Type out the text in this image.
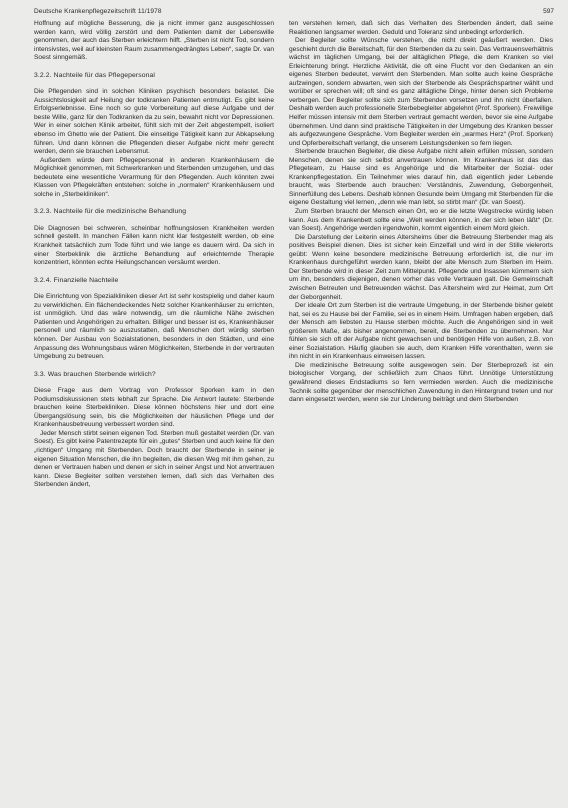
Deutsche Krankenpflegezeitschrift 11/1978	597

Hoffnung auf mögliche Besserung, die ja nicht immer ganz ausgeschlossen werden kann, wird völlig zerstört und dem Patienten damit der Lebenswille genommen, der auch das Sterben erleichtern hilft. „Sterben ist nicht Tod, sondern intensivstes, weil auf kleinsten Raum zusammengedrängtes Leben“, sagte Dr. van Soest sinngemäß.

3.2.2. Nachteile für das Pflegepersonal

Die Pflegenden sind in solchen Kliniken psychisch besonders belastet. Die Aussichtslosigkeit auf Heilung der todkranken Patienten entmutigt. Es gibt keine Erfolgserlebnisse. Eine noch so gute Vorbereitung auf diese Aufgabe und der beste Wille, ganz für den Todkranken da zu sein, bewahrt nicht vor Depressionen. Wer in einer solchen Klinik arbeitet, fühlt sich mit der Zeit abgestempelt, isoliert ebenso im Ghetto wie der Patient. Die einseitige Tätigkeit kann zur Abkapselung führen. Und dann können die Pflegenden dieser Aufgabe nicht mehr gerecht werden, denn sie brauchen Lebensmut.

Außerdem würde dem Pflegepersonal in anderen Krankenhäusern die Möglichkeit genommen, mit Schwerkranken und Sterbenden umzugehen, und das bedeutete eine wesentliche Verarmung für den Pflegenden. Auch könnten zwei Klassen von Pflegekräften entstehen: solche in „normalen“ Krankenhäusern und solche in „Sterbekliniken“.

3.2.3. Nachteile für die medizinische Behandlung

Die Diagnosen bei schweren, scheinbar hoffnungslosen Krankheiten werden schnell gestellt. In manchen Fällen kann nicht klar festgestellt werden, ob eine Krankheit tatsächlich zum Tode führt und wie lange es dauern wird. Da sich in einer Sterbeklinik die ärztliche Behandlung auf erleichternde Therapie konzentriert, könnten echte Heilungschancen versäumt werden.

3.2.4. Finanzielle Nachteile

Die Einrichtung von Spezialkliniken dieser Art ist sehr kostspielig und daher kaum zu verwirklichen. Ein flächendeckendes Netz solcher Krankenhäuser zu errichten, ist unmöglich. Und das wäre notwendig, um die räumliche Nähe zwischen Patienten und Angehörigen zu erhalten. Billiger und besser ist es, Krankenhäuser personell und räumlich so auszustatten, daß Menschen dort würdig sterben können. Der Ausbau von Sozialstationen, besonders in den Städten, und eine Anpassung des Wohnungsbaus wären Möglichkeiten, Sterbende in der vertrauten Umgebung zu betreuen.

3.3. Was brauchen Sterbende wirklich?

Diese Frage aus dem Vortrag von Professor Sporken kam in den Podiumsdiskussionen stets lebhaft zur Sprache. Die Antwort lautete: Sterbende brauchen keine Sterbekliniken. Diese können höchstens hier und dort eine Übergangslösung sein, bis die Möglichkeiten der häuslichen Pflege und der Krankenhausbetreuung verbessert worden sind.

Jeder Mensch stirbt seinen eigenen Tod. Sterben muß gestaltet werden (Dr. van Soest). Es gibt keine Patentrezepte für ein „gutes“ Sterben und auch keine für den „richtigen“ Umgang mit Sterbenden. Doch braucht der Sterbende in seiner je eigenen Situation Menschen, die ihn begleiten, die diesen Weg mit ihm gehen, zu denen er Vertrauen haben und denen er sich in seiner Angst und Not anvertrauen kann. Diese Begleiter sollten verstehen lernen, daß sich das Verhalten des Sterbenden ändert,

ten verstehen lernen, daß sich das Verhalten des Sterbenden ändert, daß seine Reaktionen langsamer werden. Geduld und Toleranz sind unbedingt erforderlich.

Der Begleiter sollte Wünsche verstehen, die nicht direkt geäußert werden. Dies geschieht durch die Bereitschaft, für den Sterbenden da zu sein. Das Vertrauensverhältnis wächst im täglichen Umgang, bei der alltäglichen Pflege, die dem Kranken so viel Erleichterung bringt. Herzliche Aktivität, die oft eine Flucht vor den Gedanken an ein eigenes Sterben bedeutet, verwirrt den Sterbenden. Man sollte auch keine Gespräche aufzwingen, sondern abwarten, wen sich der Sterbende als Gesprächspartner wählt und worüber er sprechen will; oft sind es ganz alltägliche Dinge, hinter denen sich Probleme verbergen. Der Begleiter sollte sich zum Sterbenden vorsetzen und ihn nicht überfallen. Deshalb werden auch professionelle Sterbebegleiter abgelehnt (Prof. Sporken). Freiwillige Helfer müssen intensiv mit dem Sterben vertraut gemacht werden, bevor sie eine Aufgabe übernehmen. Und dann sind praktische Tätigkeiten in der Umgebung des Kranken besser als aufgezwungene Gespräche. Vom Begleiter werden ein „warmes Herz“ (Prof. Sporken) und Opferbereitschaft verlangt, die unserem Leistungsdenken so fern liegen.

Sterbende brauchen Begleiter, die diese Aufgabe nicht allein erfüllen müssen, sondern Menschen, denen sie sich selbst anvertrauen können. Im Krankenhaus ist das das Pflegeteam, zu Hause sind es Angehörige und die Mitarbeiter der Sozial- oder Krankenpflegestation. Ein Teilnehmer wies darauf hin, daß eigentlich jeder Lebende braucht, was Sterbende auch brauchen: Verständnis, Zuwendung, Geborgenheit, Sinnerfüllung des Lebens. Deshalb können Gesunde beim Umgang mit Sterbenden für die eigene Gestaltung viel lernen, „denn wie man lebt, so stirbt man“ (Dr. van Soest).

Zum Sterben braucht der Mensch einen Ort, wo er die letzte Wegstrecke würdig leben kann. Aus dem Krankenbett sollte eine „Welt werden können, in der sich leben läßt“ (Dr. van Soest). Angehörige werden irgendwohin, kommt eigentlich einem Mord gleich.

Die Darstellung der Leiterin eines Altersheims über die Betreuung Sterbender mag als positives Beispiel dienen. Dies ist sicher kein Einzelfall und wird in der Stille vielerorts geübt: Wenn keine besondere medizinische Betreuung erforderlich ist, die nur im Krankenhaus durchgeführt werden kann, bleibt der alte Mensch zum Sterben im Heim. Der Sterbende wird in dieser Zeit zum Mittelpunkt. Pflegende und Insassen kümmern sich um ihn, besonders diejenigen, denen vorher das volle Vertrauen galt. Die Gemeinschaft zwischen Betreuten und Betreuenden wächst. Das Altersheim wird zur Heimat, zum Ort der Geborgenheit.

Der ideale Ort zum Sterben ist die vertraute Umgebung, in der Sterbende bisher gelebt hat, sei es zu Hause bei der Familie, sei es in einem Heim. Umfragen haben ergeben, daß der Mensch am liebsten zu Hause sterben möchte. Auch die Angehörigen sind in weit größerem Maße, als bisher angenommen, bereit, die Sterbenden zu übernehmen. Nur fühlen sie sich oft der Aufgabe nicht gewachsen und benötigen Hilfe von außen, z.B. von einer Sozialstation. Häufig glauben sie auch, dem Kranken Hilfe vorenthalten, wenn sie ihn nicht in ein Krankenhaus einweisen lassen.

Die medizinische Betreuung sollte ausgewogen sein. Der Sterbeprozeß ist ein biologischer Vorgang, der schließlich zum Chaos führt. Unnötige Unterstützung gewährend dieses Endstadiums so fern vermieden werden. Auch die medizinische Technik sollte gegenüber der menschlichen Zuwendung in den Hintergrund treten und nur dann eingesetzt werden, wenn sie zur Linderung beiträgt und dem Sterbenden
